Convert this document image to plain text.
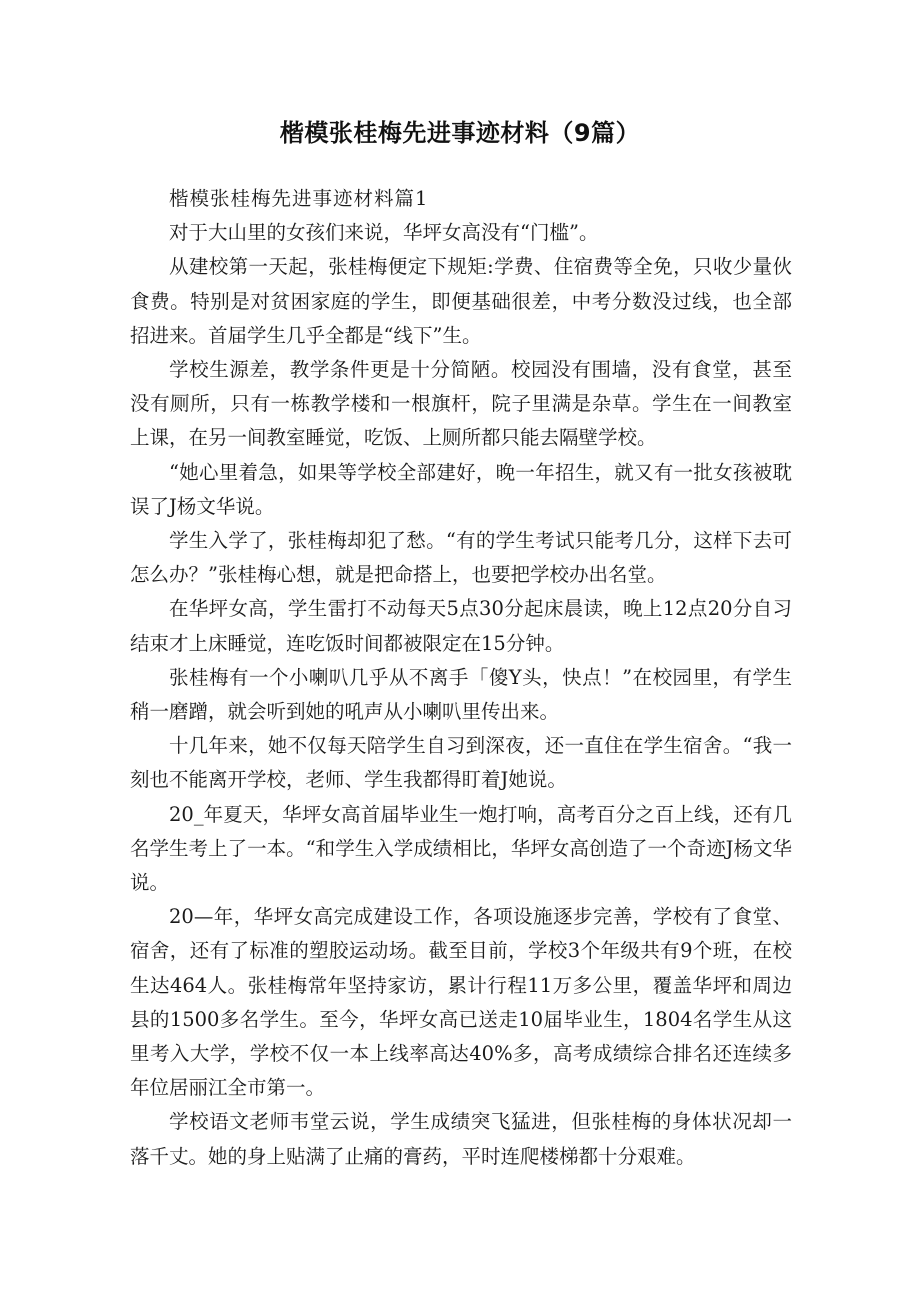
楷模张桂梅先进事迹材料（9篇）

楷模张桂梅先进事迹材料篇1

对于大山里的女孩们来说，华坪女高没有“门槛”。

从建校第一天起，张桂梅便定下规矩:学费、住宿费等全免，只收少量伙食费。特别是对贫困家庭的学生，即便基础很差，中考分数没过线，也全部招进来。首届学生几乎全都是“线下”生。

学校生源差，教学条件更是十分简陋。校园没有围墙，没有食堂，甚至没有厕所，只有一栋教学楼和一根旗杆，院子里满是杂草。学生在一间教室上课，在另一间教室睡觉，吃饭、上厕所都只能去隔壁学校。

“她心里着急，如果等学校全部建好，晚一年招生，就又有一批女孩被耽误了J杨文华说。

学生入学了，张桂梅却犯了愁。“有的学生考试只能考几分，这样下去可怎么办？”张桂梅心想，就是把命搭上，也要把学校办出名堂。

在华坪女高，学生雷打不动每天5点30分起床晨读，晚上12点20分自习结束才上床睡觉，连吃饭时间都被限定在15分钟。

张桂梅有一个小喇叭几乎从不离手「傻Y头，快点！”在校园里，有学生稍一磨蹭，就会听到她的吼声从小喇叭里传出来。

十几年来，她不仅每天陪学生自习到深夜，还一直住在学生宿舍。“我一刻也不能离开学校，老师、学生我都得盯着J她说。

20_年夏天，华坪女高首届毕业生一炮打响，高考百分之百上线，还有几名学生考上了一本。“和学生入学成绩相比，华坪女高创造了一个奇迹J杨文华说。

20—年，华坪女高完成建设工作，各项设施逐步完善，学校有了食堂、宿舍，还有了标准的塑胶运动场。截至目前，学校3个年级共有9个班，在校生达464人。张桂梅常年坚持家访，累计行程11万多公里，覆盖华坪和周边县的1500多名学生。至今，华坪女高已送走10届毕业生，1804名学生从这里考入大学，学校不仅一本上线率高达40%多，高考成绩综合排名还连续多年位居丽江全市第一。

学校语文老师韦堂云说，学生成绩突飞猛进，但张桂梅的身体状况却一落千丈。她的身上贴满了止痛的膏药，平时连爬楼梯都十分艰难。
